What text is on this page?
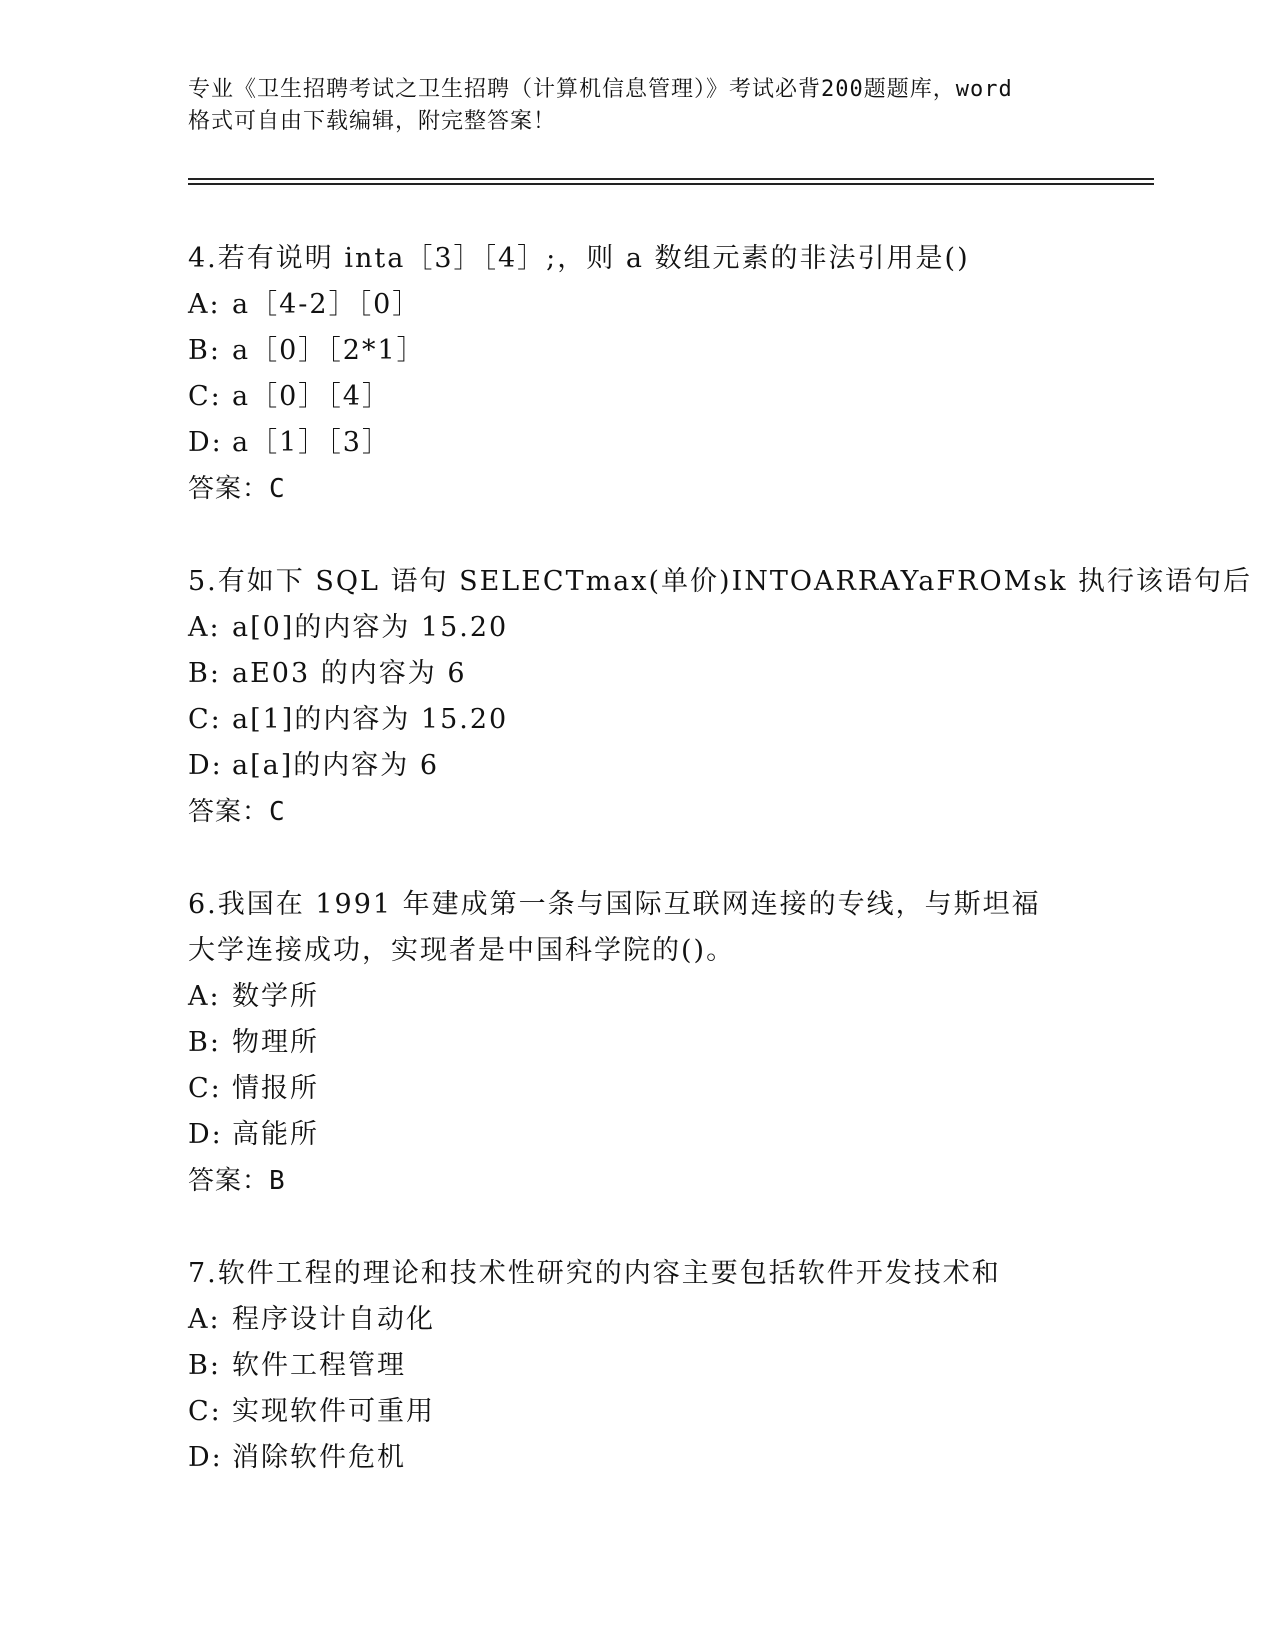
专业《卫生招聘考试之卫生招聘（计算机信息管理）》考试必背200题题库，word
格式可自由下载编辑，附完整答案！
4.若有说明 inta［3］［4］;，则 a 数组元素的非法引用是()
A: a［4-2］［0］
B: a［0］［2*1］
C: a［0］［4］
D: a［1］［3］
答案：C
5.有如下 SQL 语句 SELECTmax(单价)INTOARRAYaFROMsk 执行该语句后
A: a[0]的内容为 15.20
B: aE03 的内容为 6
C: a[1]的内容为 15.20
D: a[a]的内容为 6
答案：C
6.我国在 1991 年建成第一条与国际互联网连接的专线，与斯坦福大学连接成功，实现者是中国科学院的()。
A: 数学所
B: 物理所
C: 情报所
D: 高能所
答案：B
7.软件工程的理论和技术性研究的内容主要包括软件开发技术和
A: 程序设计自动化
B: 软件工程管理
C: 实现软件可重用
D: 消除软件危机
